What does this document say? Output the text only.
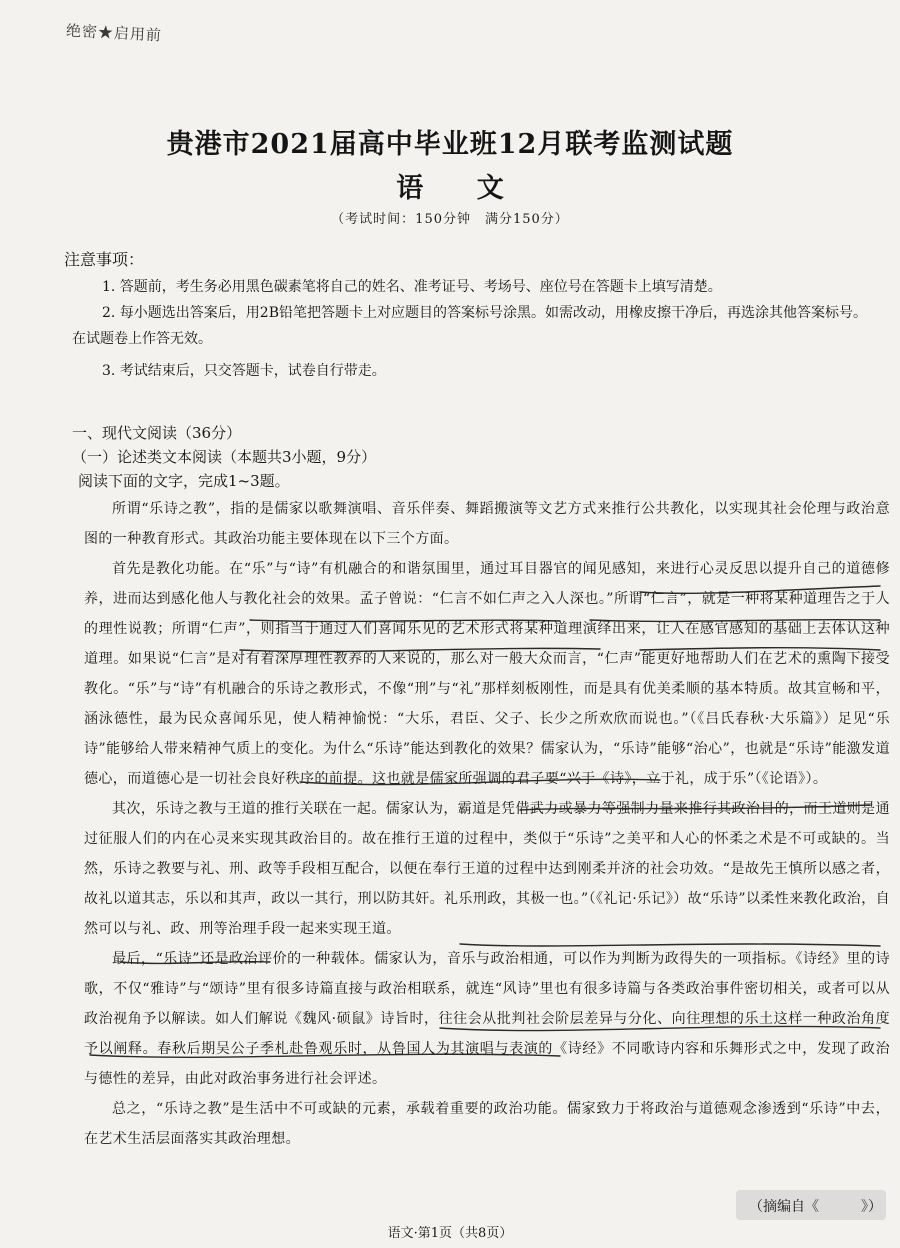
绝密★启用前
贵港市2021届高中毕业班12月联考监测试题
语 文
（考试时间：150分钟　满分150分）
注意事项：
1. 答题前，考生务必用黑色碳素笔将自己的姓名、准考证号、考场号、座位号在答题卡上填写清楚。
2. 每小题选出答案后，用2B铅笔把答题卡上对应题目的答案标号涂黑。如需改动，用橡皮擦干净后，再选涂其他答案标号。在试题卷上作答无效。
3. 考试结束后，只交答题卡，试卷自行带走。
一、现代文阅读（36分）
（一）论述类文本阅读（本题共3小题，9分）
阅读下面的文字，完成1~3题。

所谓“乐诗之教”，指的是儒家以歌舞演唱、音乐伴奏、舞蹈搬演等文艺方式来推行公共教化，以实现其社会伦理与政治意图的一种教育形式。其政治功能主要体现在以下三个方面。

首先是教化功能。在“乐”与“诗”有机融合的和谐氛围里，通过耳目器官的闻见感知，来进行心灵反思以提升自己的道德修养，进而达到感化他人与教化社会的效果。孟子曾说：“仁言不如仁声之入人深也。”所谓“仁言”，就是一种将某种道理告之于人的理性说教；所谓“仁声”，则指当于通过人们喜闻乐见的艺术形式将某种道理演绎出来，让人在感官感知的基础上去体认这种道理。如果说“仁言”是对有着深厚理性教养的人来说的，那么对一般大众而言，“仁声”能更好地帮助人们在艺术的熏陶下接受教化。“乐”与“诗”有机融合的乐诗之教形式，不像“刑”与“礼”那样刻板刚性，而是具有优美柔顺的基本特质。故其宣畅和平，涵泳德性，最为民众喜闻乐见，使人精神愉悦：“大乐，君臣、父子、长少之所欢欣而说也。”（《吕氏春秋·大乐篇》）足见“乐诗”能够给人带来精神气质上的变化。为什么“乐诗”能达到教化的效果？儒家认为，“乐诗”能够“治心”，也就是“乐诗”能激发道德心，而道德心是一切社会良好秩序的前提。这也就是儒家所强调的君子要“兴于《诗》，立于礼，成于乐”（《论语》）。

其次，乐诗之教与王道的推行关联在一起。儒家认为，霸道是凭借武力或暴力等强制力量来推行其政治目的，而王道则是通过征服人们的内在心灵来实现其政治目的。故在推行王道的过程中，类似于“乐诗”之美平和人心的怀柔之术是不可或缺的。当然，乐诗之教要与礼、刑、政等手段相互配合，以便在奉行王道的过程中达到刚柔并济的社会功效。“是故先王慎所以感之者，故礼以道其志，乐以和其声，政以一其行，刑以防其奸。礼乐刑政，其极一也。”（《礼记·乐记》）故“乐诗”以柔性来教化政治，自然可以与礼、政、刑等治理手段一起来实现王道。

最后，“乐诗”还是政治评价的一种载体。儒家认为，音乐与政治相通，可以作为判断为政得失的一项指标。《诗经》里的诗歌，不仅“雅诗”与“颂诗”里有很多诗篇直接与政治相联系，就连“风诗”里也有很多诗篇与各类政治事件密切相关，或者可以从政治视角予以解读。如人们解说《魏风·硕鼠》诗旨时，往往会从批判社会阶层差异与分化、向往理想的乐土这样一种政治角度予以阐释。春秋后期吴公子季札赴鲁观乐时，从鲁国人为其演唱与表演的《诗经》不同歌诗内容和乐舞形式之中，发现了政治与德性的差异，由此对政治事务进行社会评述。

总之，“乐诗之教”是生活中不可或缺的元素，承载着重要的政治功能。儒家致力于将政治与道德观念渗透到“乐诗”中去，在艺术生活层面落实其政治理想。

（摘编自《　　　》）
语文·第1页（共8页）
